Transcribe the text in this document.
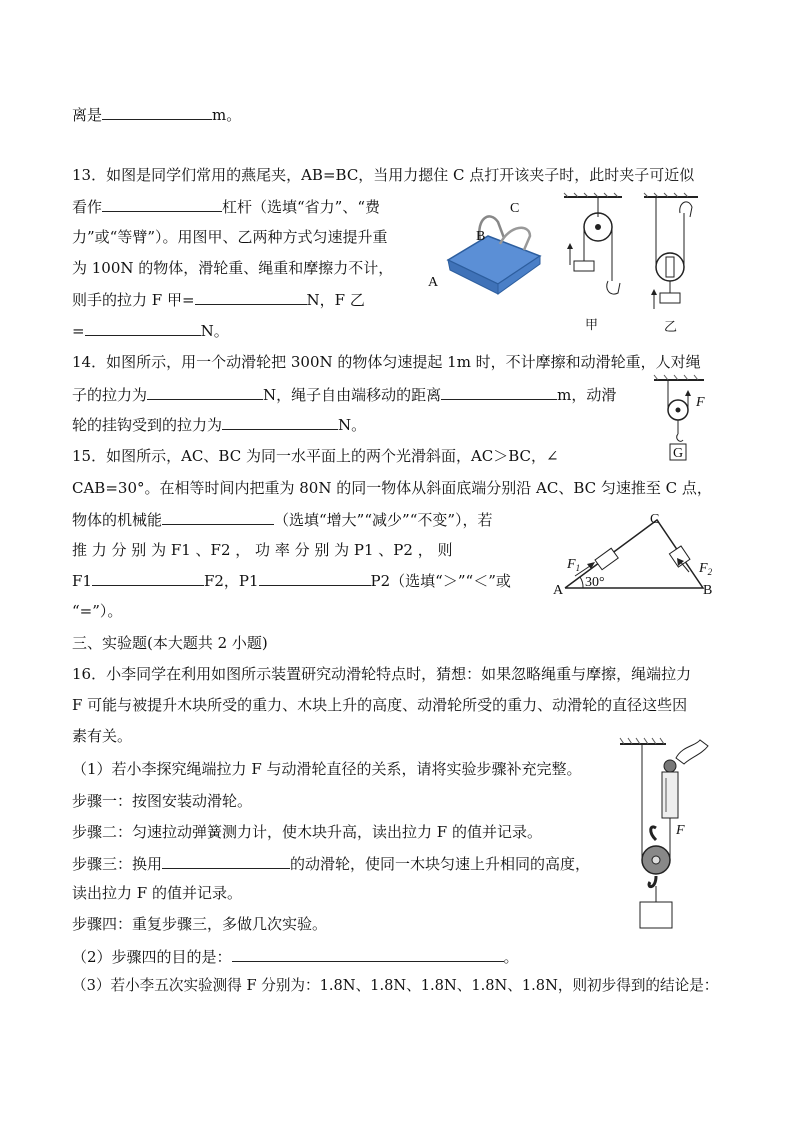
离是	m。
13．如图是同学们常用的燕尾夹，AB=BC，当用力摁住 C 点打开该夹子时，此时夹子可近似
看作	杠杆（选填“省力”、“费
力”或“等臂”）。用图甲、乙两种方式匀速提升重
为 100N 的物体，滑轮重、绳重和摩擦力不计，
则手的拉力 F 甲=	N，F 乙
=	N。
A
B
C
甲	乙
14．如图所示，用一个动滑轮把 300N 的物体匀速提起 1m 时，不计摩擦和动滑轮重，人对绳
子的拉力为	N，绳子自由端移动的距离	m，动滑
轮的挂钩受到的拉力为	N。
F
G
15．如图所示，AC、BC 为同一水平面上的两个光滑斜面，AC＞BC，∠
CAB=30°。在相等时间内把重为 80N 的同一物体从斜面底端分别沿 AC、BC 匀速推至 C 点，
物体的机械能	（选填“增大”“减少”“不变”），若
推 力 分 别 为 F1 、F2 ， 功 率 分 别 为 P1 、P2 ， 则
F1	F2，P1	P2（选填“＞”“＜”或
“=”）。
A	B
C
30°
$F_1$	$F_2$
三、实验题(本大题共 2 小题)
16．小李同学在利用如图所示装置研究动滑轮特点时，猜想：如果忽略绳重与摩擦，绳端拉力
F 可能与被提升木块所受的重力、木块上升的高度、动滑轮所受的重力、动滑轮的直径这些因
素有关。
（1）若小李探究绳端拉力 F 与动滑轮直径的关系，请将实验步骤补充完整。
步骤一：按图安装动滑轮。
步骤二：匀速拉动弹簧测力计，使木块升高，读出拉力 F 的值并记录。
步骤三：换用	的动滑轮，使同一木块匀速上升相同的高度，
读出拉力 F 的值并记录。
步骤四：重复步骤三，多做几次实验。
（2）步骤四的目的是：	。
（3）若小李五次实验测得 F 分别为：1.8N、1.8N、1.8N、1.8N、1.8N，则初步得到的结论是：
F
